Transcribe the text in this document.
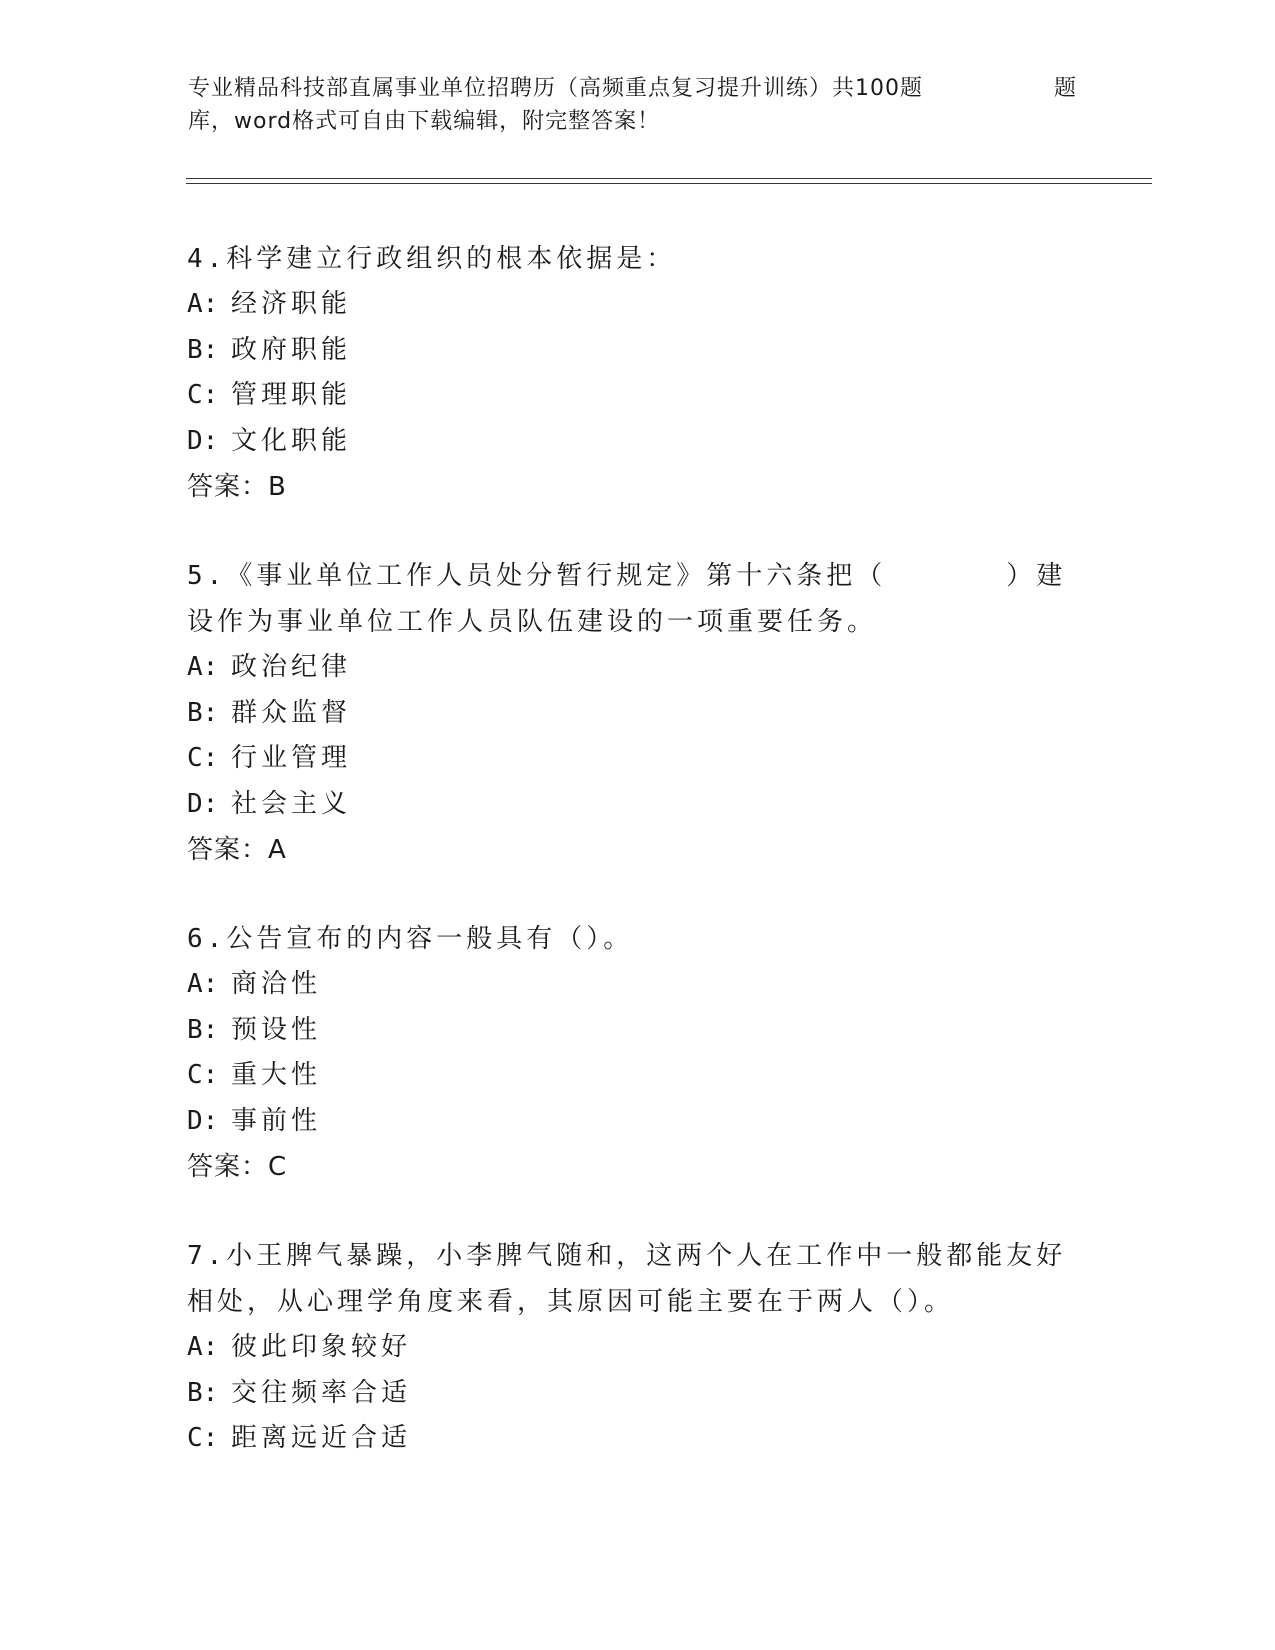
专业精品科技部直属事业单位招聘历（高频重点复习提升训练）共100题	题
库，word格式可自由下载编辑，附完整答案！
4.科学建立行政组织的根本依据是：
A: 经济职能
B: 政府职能
C: 管理职能
D: 文化职能
答案：B
5.《事业单位工作人员处分暂行规定》第十六条把（　　　　）建设作为事业单位工作人员队伍建设的一项重要任务。
A: 政治纪律
B: 群众监督
C: 行业管理
D: 社会主义
答案：A
6.公告宣布的内容一般具有（）。
A: 商洽性
B: 预设性
C: 重大性
D: 事前性
答案：C
7.小王脾气暴躁，小李脾气随和，这两个人在工作中一般都能友好相处，从心理学角度来看，其原因可能主要在于两人（）。
A: 彼此印象较好
B: 交往频率合适
C: 距离远近合适
